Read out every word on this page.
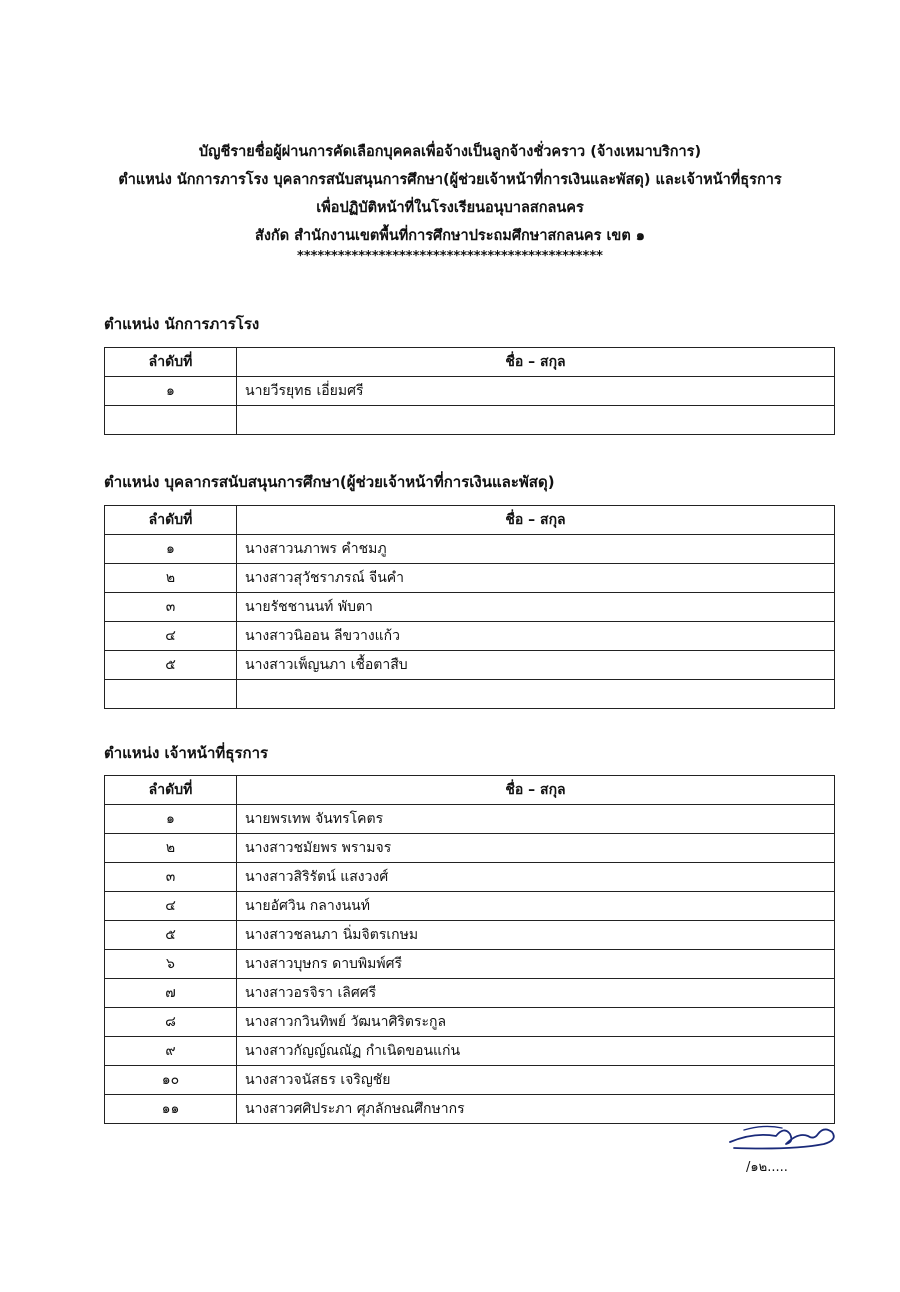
บัญชีรายชื่อผู้ผ่านการคัดเลือกบุคคลเพื่อจ้างเป็นลูกจ้างชั่วคราว (จ้างเหมาบริการ)
ตำแหน่ง นักการภารโรง บุคลากรสนับสนุนการศึกษา(ผู้ช่วยเจ้าหน้าที่การเงินและพัสดุ) และเจ้าหน้าที่ธุรการ
เพื่อปฏิบัติหน้าที่ในโรงเรียนอนุบาลสกลนคร
สังกัด สำนักงานเขตพื้นที่การศึกษาประถมศึกษาสกลนคร เขต ๑
*********************************************
ตำแหน่ง นักการภารโรง
ลำดับที่	ชื่อ – สกุล
๑	นายวีรยุทธ เอี่ยมศรี

ตำแหน่ง บุคลากรสนับสนุนการศึกษา(ผู้ช่วยเจ้าหน้าที่การเงินและพัสดุ)
ลำดับที่	ชื่อ – สกุล
๑	นางสาวนภาพร คำชมภู
๒	นางสาวสุวัชราภรณ์ จีนคำ
๓	นายรัชชานนท์ พับตา
๔	นางสาวนิออน ลีขวางแก้ว
๕	นางสาวเพ็ญนภา เชื้อตาสืบ

ตำแหน่ง เจ้าหน้าที่ธุรการ
ลำดับที่	ชื่อ – สกุล
๑	นายพรเทพ จันทรโคตร
๒	นางสาวชมัยพร พรามจร
๓	นางสาวสิริรัตน์ แสงวงศ์
๔	นายอัศวิน กลางนนท์
๕	นางสาวชลนภา นิ่มจิตรเกษม
๖	นางสาวบุษกร ดาบพิมพ์ศรี
๗	นางสาวอรจิรา เลิศศรี
๘	นางสาวกวินทิพย์ วัฒนาศิริตระกูล
๙	นางสาวกัญญ์ณณัฏ กำเนิดขอนแก่น
๑๐	นางสาวจนัสธร เจริญชัย
๑๑	นางสาวศศิประภา ศุภลักษณศึกษากร
/๑๒.....
